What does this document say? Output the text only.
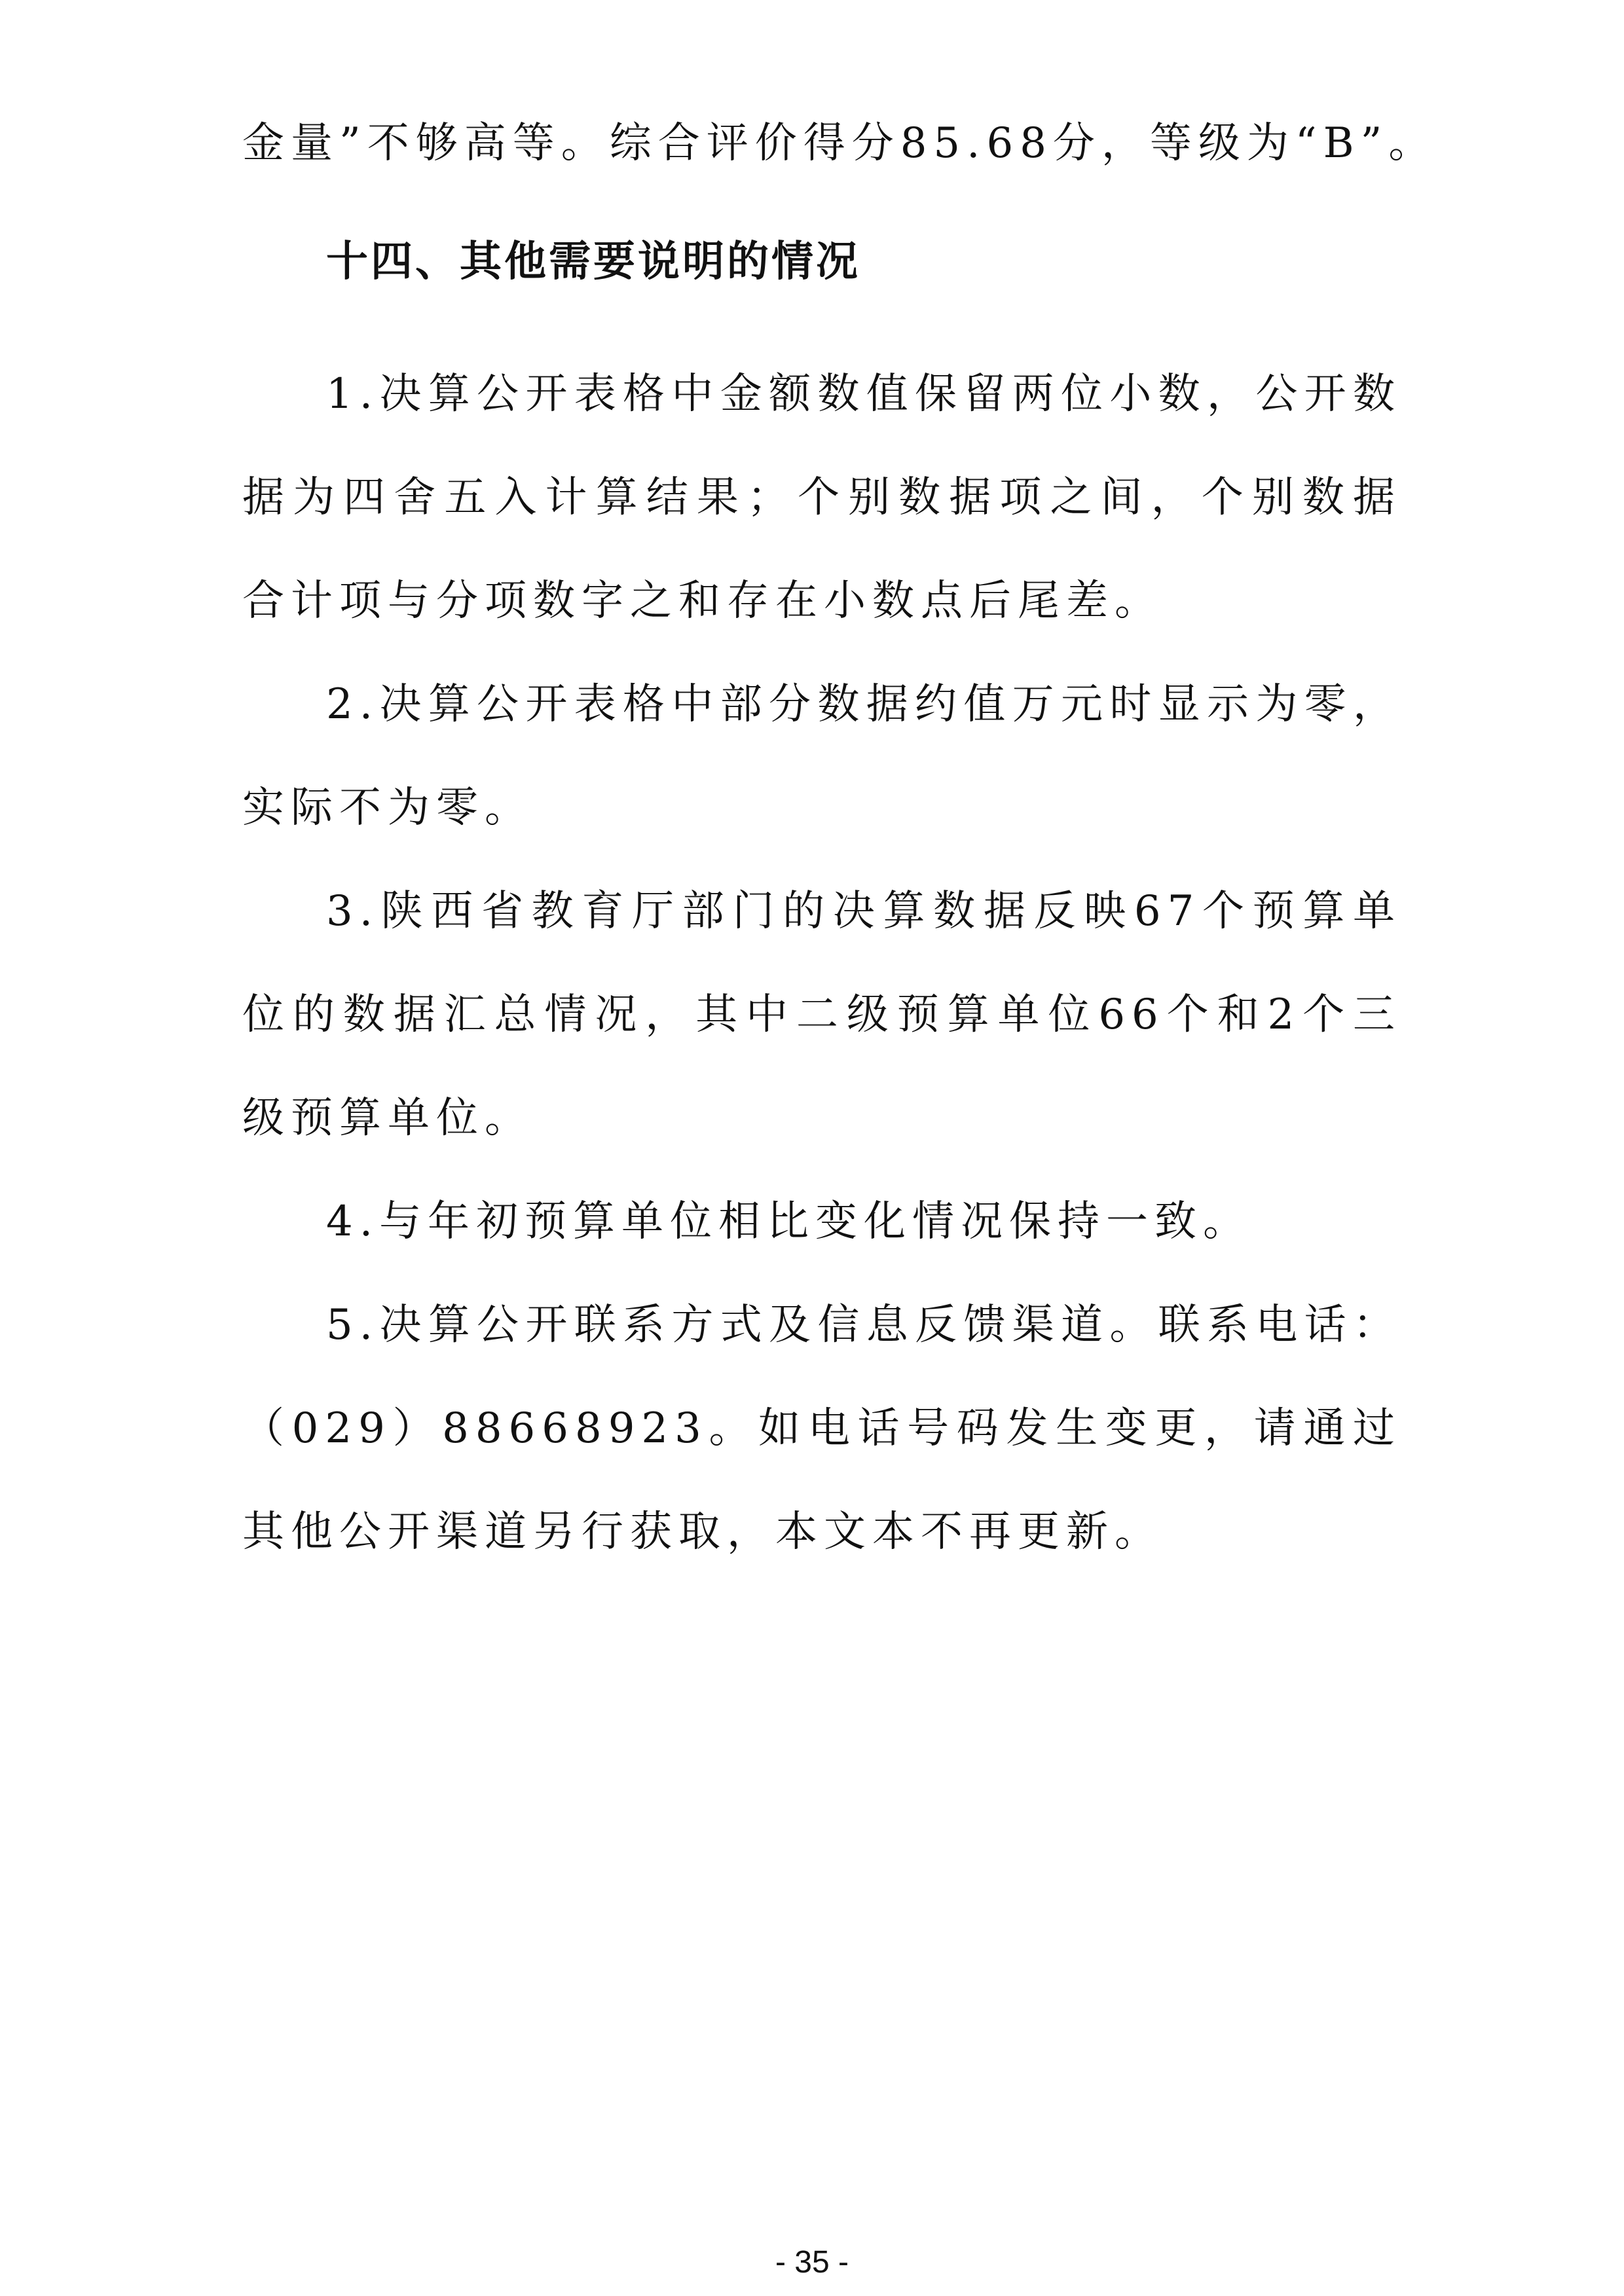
金量”不够高等。综合评价得分85.68分，等级为“B”。
十四、其他需要说明的情况

1.决算公开表格中金额数值保留两位小数，公开数据为四舍五入计算结果；个别数据项之间，个别数据合计项与分项数字之和存在小数点后尾差。

2.决算公开表格中部分数据约值万元时显示为零，实际不为零。

3.陕西省教育厅部门的决算数据反映67个预算单位的数据汇总情况，其中二级预算单位66个和2个三级预算单位。

4.与年初预算单位相比变化情况保持一致。

5.决算公开联系方式及信息反馈渠道。联系电话：（029）88668923。如电话号码发生变更，请通过其他公开渠道另行获取，本文本不再更新。

- 35 -
